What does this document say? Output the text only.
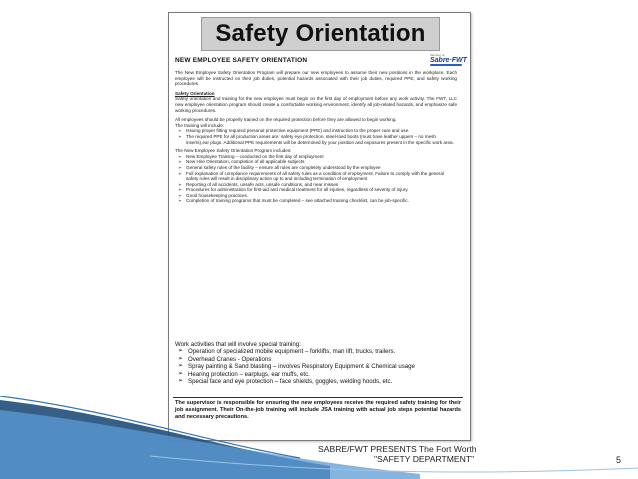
Safety Orientation
Member of
Sabre·FWT
NEW EMPLOYEE SAFETY ORIENTATION

The New Employee Safety Orientation Program will prepare our new employees to assume their new positions in the workplace. Each employee will be instructed on their job duties, potential hazards associated with their job duties, required PPE, and safety working procedures.

Safety Orientation

Safety orientation and training for the new employee must begin on the first day of employment before any work activity. The FWT, LLC new employee orientation program should create a comfortable working environment, identify all job-related hazards, and emphasize safe working procedures.

All employees should be properly trained on the required protection before they are allowed to begin working.

The training will include:

➢ Issuing proper fitting required personal protective equipment (PPE) and instruction to the proper care and use.
➢ The required PPE for all production areas are: safety eye protection, steel-toed boots (must have leather uppers – no mesh inserts),ear plugs. Additional PPE requirements will be determined by your position and exposures present in the specific work area.

The New Employee Safety Orientation Program includes:

➢ New Employee Training – conducted on the first day of employment
➢ New Hire Orientation, completion of all applicable subjects
➢ General safety rules of the facility – ensure all rules are completely understood by the employee
➢ Full explanation of compliance requirements of all safety rules as a condition of employment. Failure to comply with the general safety rules will result in disciplinary action up to and including termination of employment
➢ Reporting of all accidents, unsafe acts, unsafe conditions, and near misses
➢ Procedures for administration for first-aid and medical treatment for all injuries, regardless of severity of injury.
➢ Good housekeeping practices.
➢ Completion of training programs that must be completed – see attached training checklist, can be job-specific.

Work activities that will involve special training:

➢ Operation of specialized mobile equipment – forklifts, man lift, trucks, trailers.
➢ Overhead Cranes - Operations
➢ Spray painting & Sand blasting – involves Respiratory Equipment & Chemical usage
➢ Hearing protection – earplugs, ear muffs, etc.
➢ Special face and eye protection – face shields, goggles, welding hoods, etc.
The supervisor is responsible for ensuring the new employees receive the required safety training for their job assignment. Their On-the-job training will include JSA training with actual job steps potential hazards and necessary precautions.
SABRE/FWT PRESENTS The Fort Worth
"SAFETY DEPARTMENT"	5
